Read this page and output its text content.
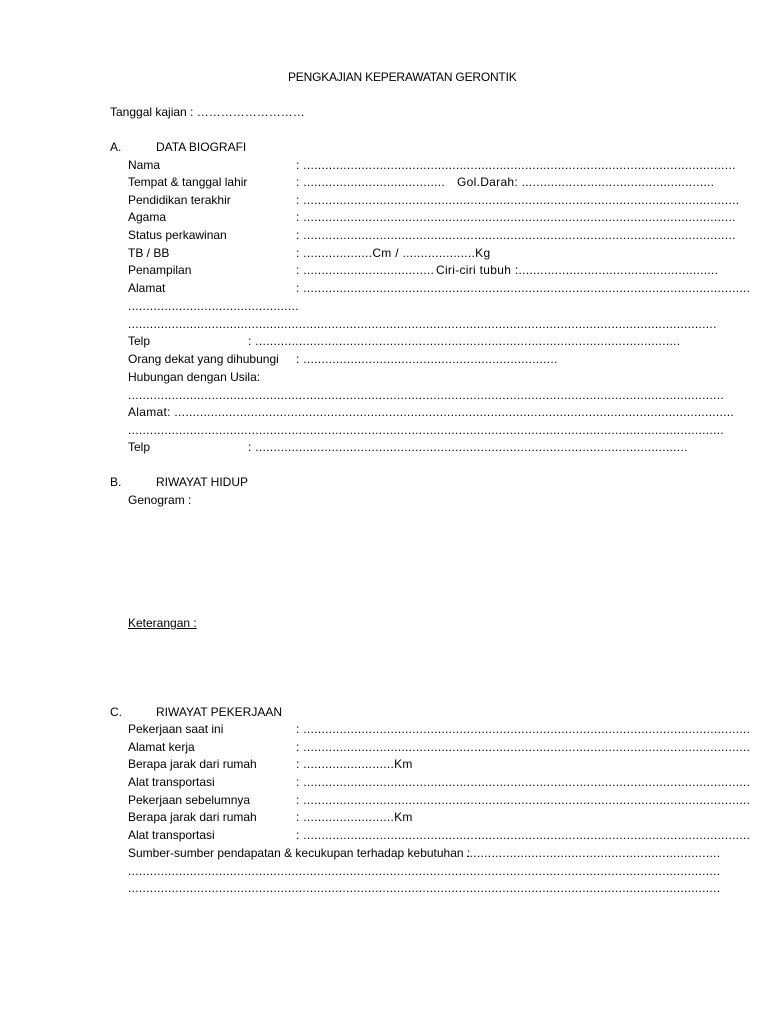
PENGKAJIAN KEPERAWATAN GERONTIK
Tanggal kajian : ………………………
A.	DATA BIOGRAFI
Nama	: .......................................................................................................................
Tempat & tanggal lahir	: ....................................... Gol.Darah: .....................................................
Pendidikan terakhir	: ........................................................................................................................
Agama	: .......................................................................................................................
Status perkawinan	: .......................................................................................................................
TB / BB	: ...................Cm / ....................Kg
Penampilan	: .................................... Ciri-ciri tubuh :.......................................................
Alamat	: ...........................................................................................................................
...............................................
..................................................................................................................................................................
Telp	: .....................................................................................................................
Orang dekat yang dihubungi : ......................................................................
Hubungan dengan Usila:
....................................................................................................................................................................
Alamat: ..........................................................................................................................................................
....................................................................................................................................................................
Telp	: .......................................................................................................................
B.	RIWAYAT HIDUP
Genogram :
Keterangan :
C.	RIWAYAT PEKERJAAN
Pekerjaan saat ini	: ...........................................................................................................................
Alamat kerja	: ...........................................................................................................................
Berapa jarak dari rumah	: .........................Km
Alat transportasi	: ...........................................................................................................................
Pekerjaan sebelumnya	: ...........................................................................................................................
Berapa jarak dari rumah	: .........................Km
Alat transportasi	: ...........................................................................................................................
Sumber-sumber pendapatan & kecukupan terhadap kebutuhan :
......................................................................
...................................................................................................................................................................
...................................................................................................................................................................
